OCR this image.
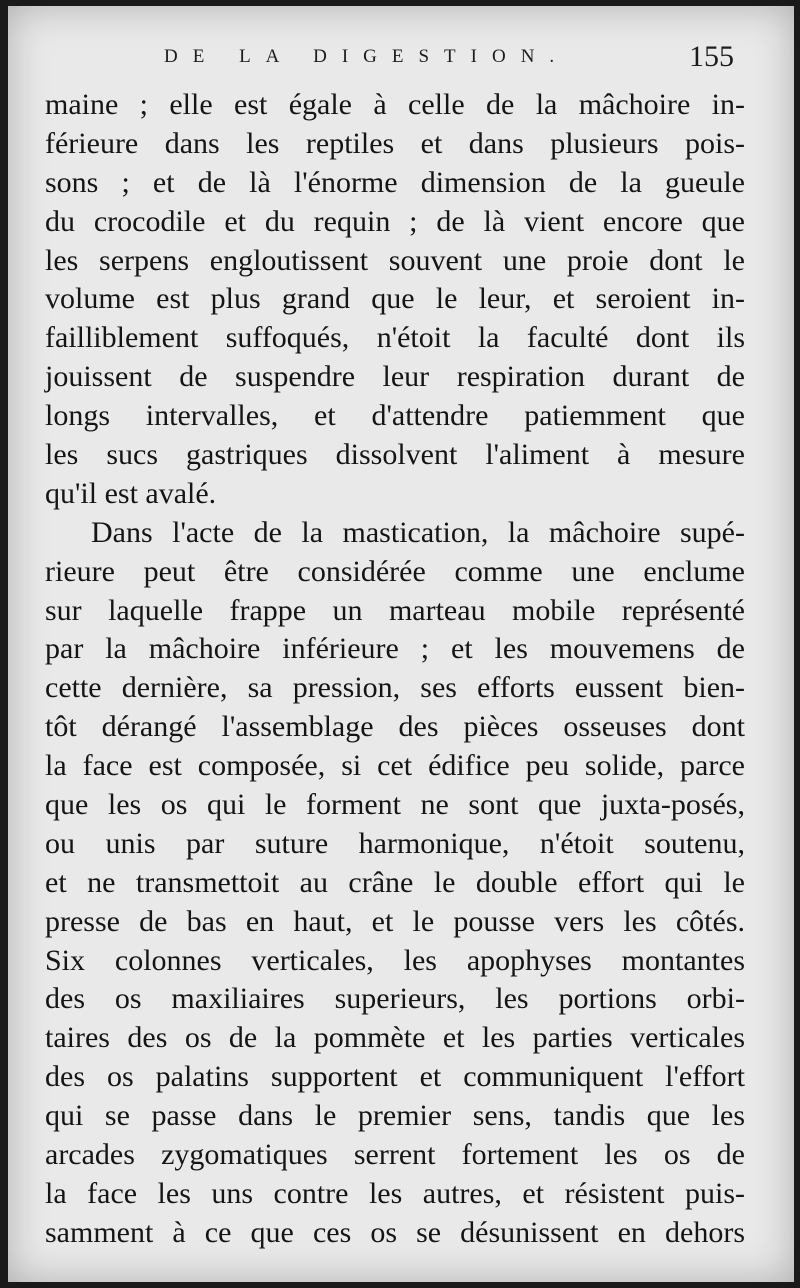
DE LA DIGESTION.	155
maine ; elle est égale à celle de la mâchoire in-
férieure dans les reptiles et dans plusieurs pois-
sons ; et de là l'énorme dimension de la gueule
du crocodile et du requin ; de là vient encore que
les serpens engloutissent souvent une proie dont le
volume est plus grand que le leur, et seroient in-
failliblement suffoqués, n'étoit la faculté dont ils
jouissent de suspendre leur respiration durant de
longs intervalles, et d'attendre patiemment que
les sucs gastriques dissolvent l'aliment à mesure
qu'il est avalé.
Dans l'acte de la mastication, la mâchoire supé-
rieure peut être considérée comme une enclume
sur laquelle frappe un marteau mobile représenté
par la mâchoire inférieure ; et les mouvemens de
cette dernière, sa pression, ses efforts eussent bien-
tôt dérangé l'assemblage des pièces osseuses dont
la face est composée, si cet édifice peu solide, parce
que les os qui le forment ne sont que juxta-posés,
ou unis par suture harmonique, n'étoit soutenu,
et ne transmettoit au crâne le double effort qui le
presse de bas en haut, et le pousse vers les côtés.
Six colonnes verticales, les apophyses montantes
des os maxiliaires superieurs, les portions orbi-
taires des os de la pommète et les parties verticales
des os palatins supportent et communiquent l'effort
qui se passe dans le premier sens, tandis que les
arcades zygomatiques serrent fortement les os de
la face les uns contre les autres, et résistent puis-
samment à ce que ces os se désunissent en dehors
